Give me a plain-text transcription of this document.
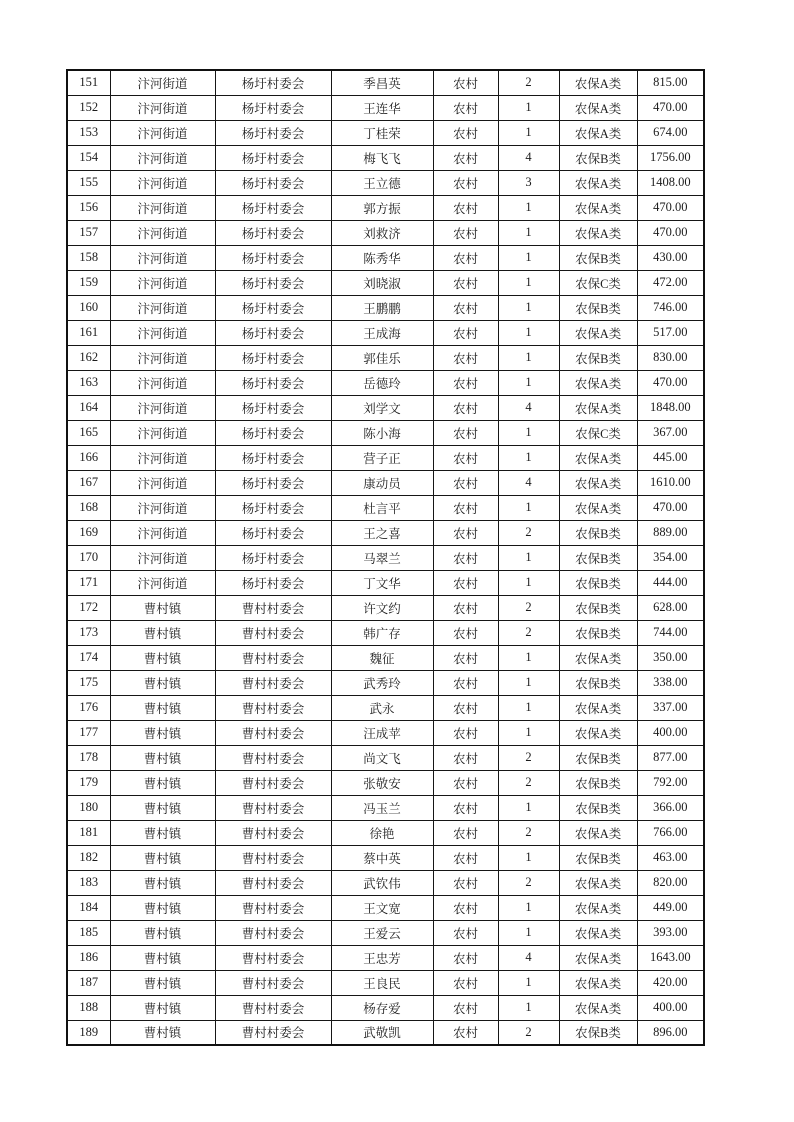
151	汴河街道	杨圩村委会	季昌英	农村	2	农保A类	815.00
152	汴河街道	杨圩村委会	王连华	农村	1	农保A类	470.00
153	汴河街道	杨圩村委会	丁桂荣	农村	1	农保A类	674.00
154	汴河街道	杨圩村委会	梅飞飞	农村	4	农保B类	1756.00
155	汴河街道	杨圩村委会	王立德	农村	3	农保A类	1408.00
156	汴河街道	杨圩村委会	郭方振	农村	1	农保A类	470.00
157	汴河街道	杨圩村委会	刘救济	农村	1	农保A类	470.00
158	汴河街道	杨圩村委会	陈秀华	农村	1	农保B类	430.00
159	汴河街道	杨圩村委会	刘晓淑	农村	1	农保C类	472.00
160	汴河街道	杨圩村委会	王鹏鹏	农村	1	农保B类	746.00
161	汴河街道	杨圩村委会	王成海	农村	1	农保A类	517.00
162	汴河街道	杨圩村委会	郭佳乐	农村	1	农保B类	830.00
163	汴河街道	杨圩村委会	岳德玲	农村	1	农保A类	470.00
164	汴河街道	杨圩村委会	刘学文	农村	4	农保A类	1848.00
165	汴河街道	杨圩村委会	陈小海	农村	1	农保C类	367.00
166	汴河街道	杨圩村委会	营子正	农村	1	农保A类	445.00
167	汴河街道	杨圩村委会	康动员	农村	4	农保A类	1610.00
168	汴河街道	杨圩村委会	杜言平	农村	1	农保A类	470.00
169	汴河街道	杨圩村委会	王之喜	农村	2	农保B类	889.00
170	汴河街道	杨圩村委会	马翠兰	农村	1	农保B类	354.00
171	汴河街道	杨圩村委会	丁文华	农村	1	农保B类	444.00
172	曹村镇	曹村村委会	许文约	农村	2	农保B类	628.00
173	曹村镇	曹村村委会	韩广存	农村	2	农保B类	744.00
174	曹村镇	曹村村委会	魏征	农村	1	农保A类	350.00
175	曹村镇	曹村村委会	武秀玲	农村	1	农保B类	338.00
176	曹村镇	曹村村委会	武永	农村	1	农保A类	337.00
177	曹村镇	曹村村委会	汪成苹	农村	1	农保A类	400.00
178	曹村镇	曹村村委会	尚文飞	农村	2	农保B类	877.00
179	曹村镇	曹村村委会	张敬安	农村	2	农保B类	792.00
180	曹村镇	曹村村委会	冯玉兰	农村	1	农保B类	366.00
181	曹村镇	曹村村委会	徐艳	农村	2	农保A类	766.00
182	曹村镇	曹村村委会	蔡中英	农村	1	农保B类	463.00
183	曹村镇	曹村村委会	武钦伟	农村	2	农保A类	820.00
184	曹村镇	曹村村委会	王文宽	农村	1	农保A类	449.00
185	曹村镇	曹村村委会	王爱云	农村	1	农保A类	393.00
186	曹村镇	曹村村委会	王忠芳	农村	4	农保A类	1643.00
187	曹村镇	曹村村委会	王良民	农村	1	农保A类	420.00
188	曹村镇	曹村村委会	杨存爱	农村	1	农保A类	400.00
189	曹村镇	曹村村委会	武敬凯	农村	2	农保B类	896.00
